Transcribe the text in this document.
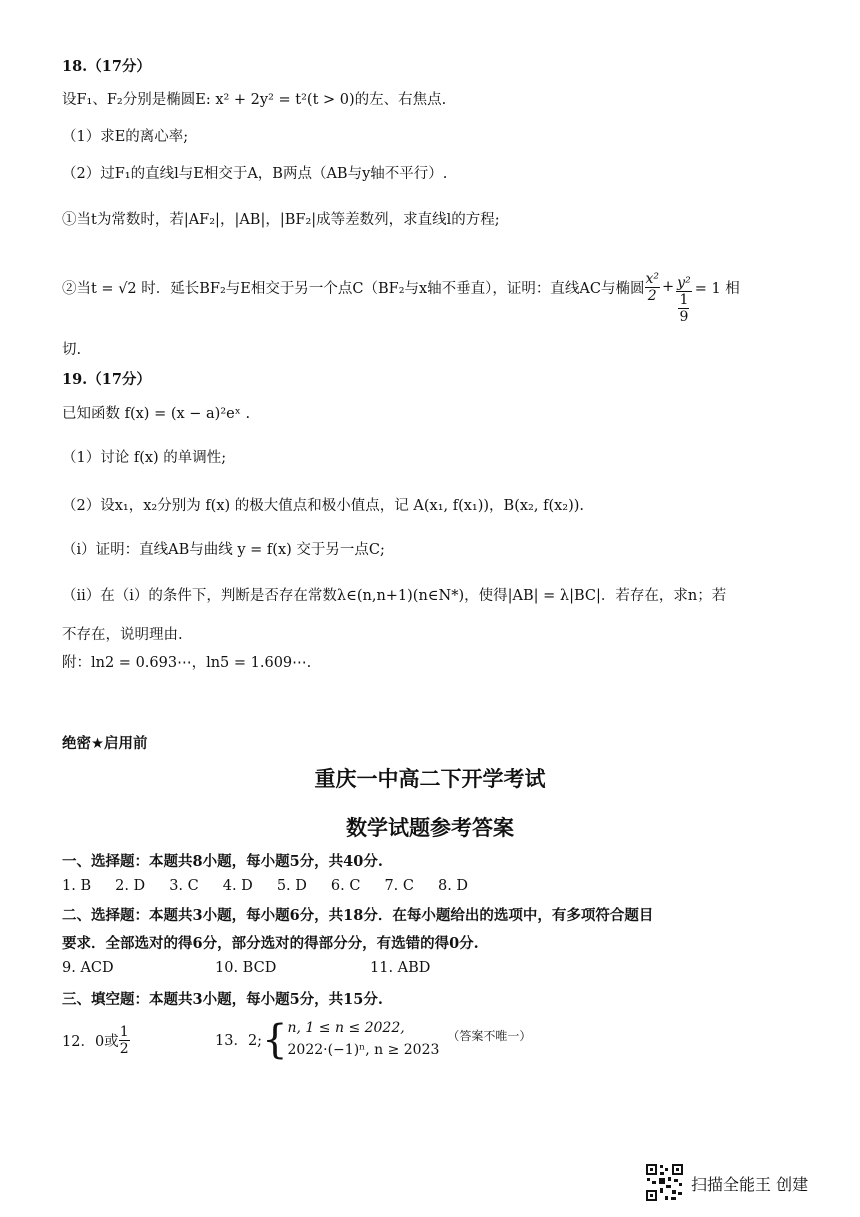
18.（17分）
设F₁、F₂分别是椭圆E: x² + 2y² = t²(t > 0)的左、右焦点.
（1）求E的离心率;
（2）过F₁的直线l与E相交于A，B两点（AB与y轴不平行）.
①当t为常数时，若|AF₂|，|AB|，|BF₂|成等差数列，求直线l的方程;
②当t = √2 时．延长BF₂与E相交于另一个点C（BF₂与x轴不垂直），证明：直线AC与椭圆 $\frac{\text{x²}}{2} + \frac{\text{y²}}{\frac{1}{9}} = 1$ 相
切.
19.（17分）
已知函数 f(x) = (x − a)²eˣ .
（1）讨论 f(x) 的单调性;
（2）设x₁，x₂分别为 f(x) 的极大值点和极小值点，记 A(x₁, f(x₁))，B(x₂, f(x₂)).
（ⅰ）证明：直线AB与曲线 y = f(x) 交于另一点C;
（ⅱ）在（i）的条件下，判断是否存在常数λ∈(n,n+1)(n∈N*)，使得|AB| = λ|BC|．若存在，求n；若
不存在，说明理由.
附：ln2 = 0.693⋯，ln5 = 1.609⋯.
绝密★启用前
重庆一中高二下开学考试
数学试题参考答案
一、选择题：本题共8小题，每小题5分，共40分.
1. B 2. D 3. C 4. D 5. D 6. C 7. C 8. D
二、选择题：本题共3小题，每小题6分，共18分．在每小题给出的选项中，有多项符合题目
要求．全部选对的得6分，部分选对的得部分分，有选错的得0分.
9. ACD	10. BCD	11. ABD
三、填空题：本题共3小题，每小题5分，共15分.
12．0或 $\frac{1}{2}$	13．2; { n, 1 ≤ n ≤ 2022,
2022·(−1)ⁿ, n ≥ 2023
（答案不唯一）
扫描全能王 创建
